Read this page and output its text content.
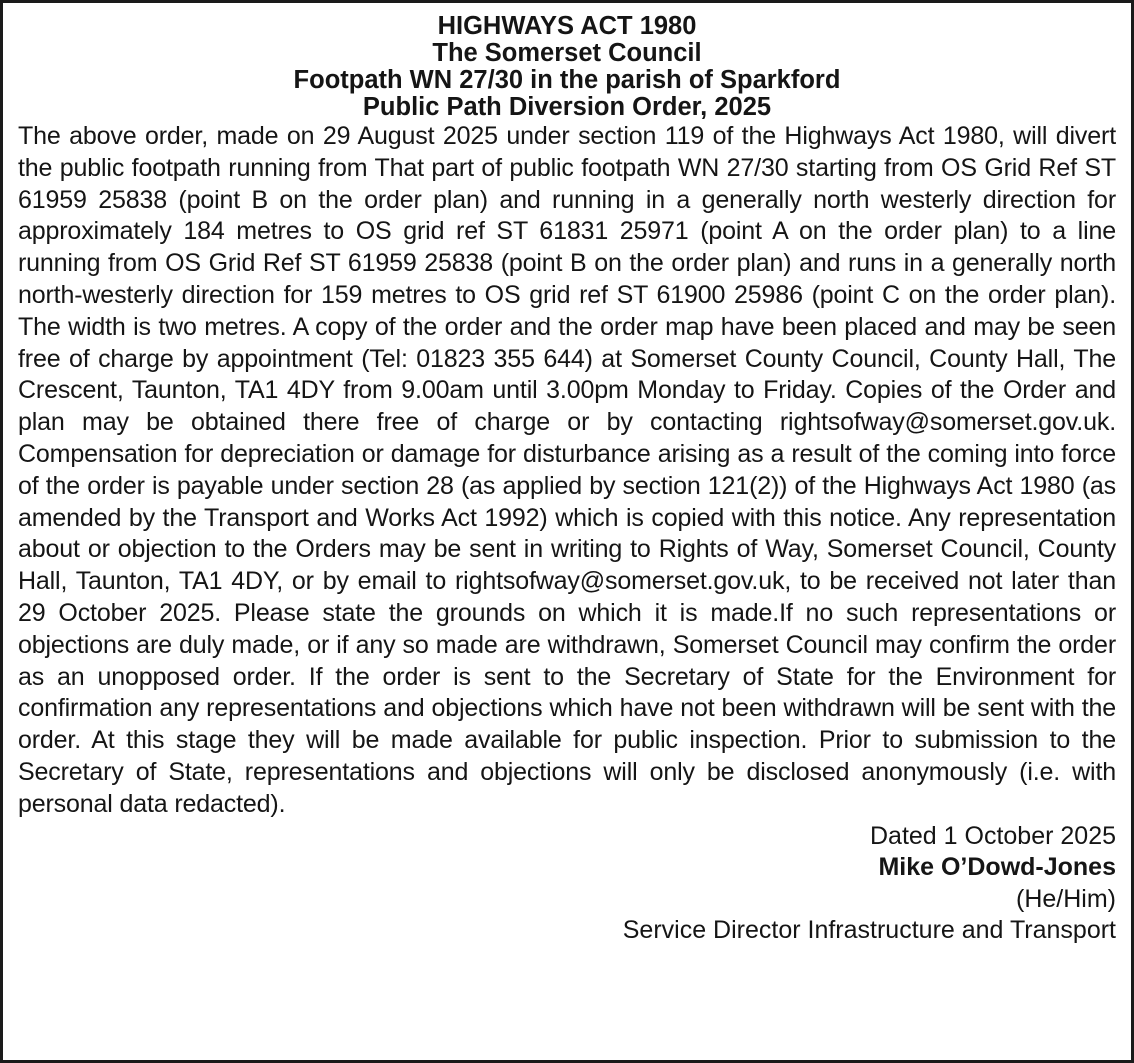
HIGHWAYS ACT 1980
The Somerset Council
Footpath WN 27/30 in the parish of Sparkford
Public Path Diversion Order, 2025

The above order, made on 29 August 2025 under section 119 of the Highways Act 1980, will divert the public footpath running from That part of public footpath WN 27/30 starting from OS Grid Ref ST 61959 25838 (point B on the order plan) and running in a generally north westerly direction for approximately 184 metres to OS grid ref ST 61831 25971 (point A on the order plan) to a line running from OS Grid Ref ST 61959 25838 (point B on the order plan) and runs in a generally north north-westerly direction for 159 metres to OS grid ref ST 61900 25986 (point C on the order plan). The width is two metres. A copy of the order and the order map have been placed and may be seen free of charge by appointment (Tel: 01823 355 644) at Somerset County Council, County Hall, The Crescent, Taunton, TA1 4DY from 9.00am until 3.00pm Monday to Friday. Copies of the Order and plan may be obtained there free of charge or by contacting rightsofway@somerset.gov.uk. Compensation for depreciation or damage for disturbance arising as a result of the coming into force of the order is payable under section 28 (as applied by section 121(2)) of the Highways Act 1980 (as amended by the Transport and Works Act 1992) which is copied with this notice. Any representation about or objection to the Orders may be sent in writing to Rights of Way, Somerset Council, County Hall, Taunton, TA1 4DY, or by email to rightsofway@somerset.gov.uk, to be received not later than 29 October 2025. Please state the grounds on which it is made.If no such representations or objections are duly made, or if any so made are withdrawn, Somerset Council may confirm the order as an unopposed order. If the order is sent to the Secretary of State for the Environment for confirmation any representations and objections which have not been withdrawn will be sent with the order. At this stage they will be made available for public inspection. Prior to submission to the Secretary of State, representations and objections will only be disclosed anonymously (i.e. with personal data redacted).

Dated 1 October 2025
Mike O’Dowd-Jones
(He/Him)
Service Director Infrastructure and Transport
